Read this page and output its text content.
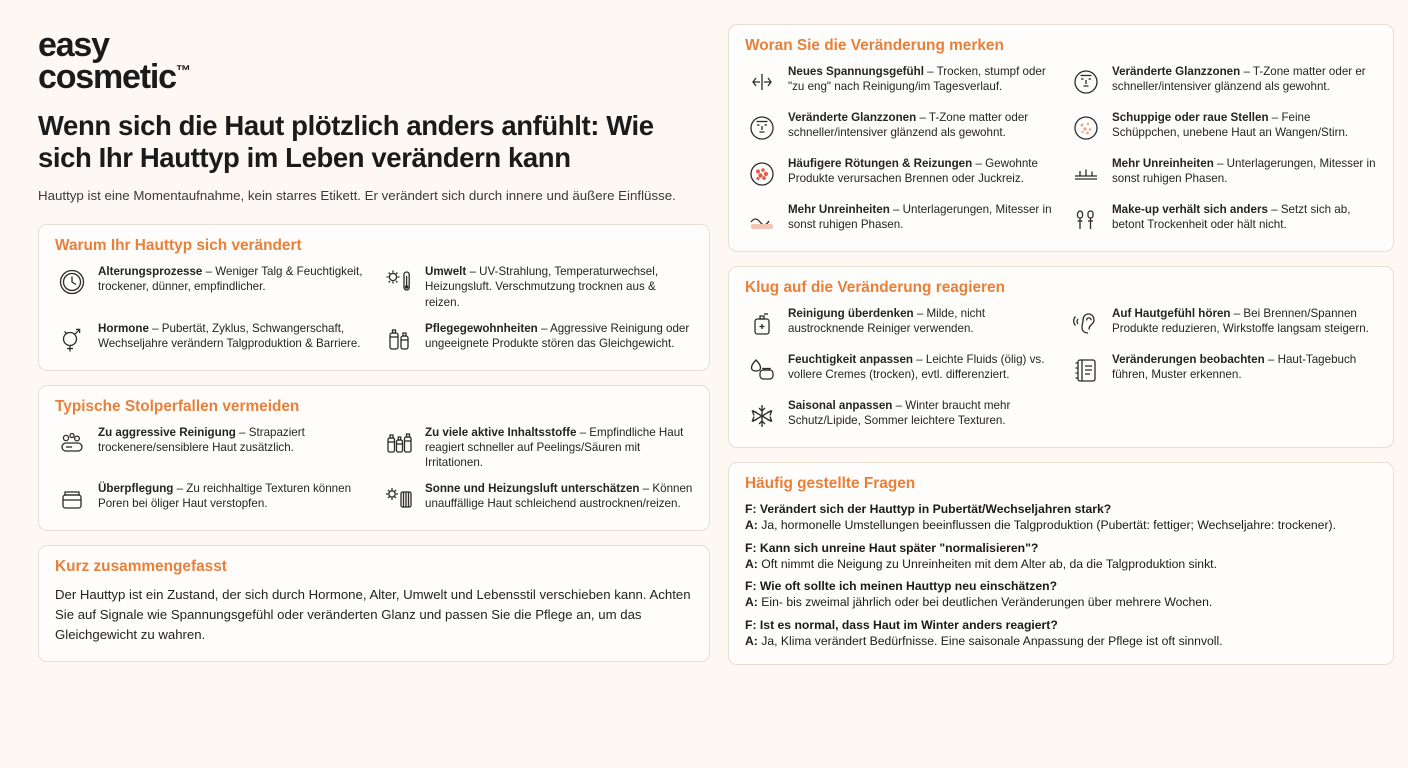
easy
cosmetic™
Wenn sich die Haut plötzlich anders anfühlt: Wie sich Ihr Hauttyp im Leben verändern kann

Hauttyp ist eine Momentaufnahme, kein starres Etikett. Er verändert sich durch innere und äußere Einflüsse.

Warum Ihr Hauttyp sich verändert
Alterungsprozesse – Weniger Talg & Feuchtigkeit, trockener, dünner, empfindlicher.
Umwelt – UV-Strahlung, Temperaturwechsel, Heizungsluft. Verschmutzung trocknen aus & reizen.
Hormone – Pubertät, Zyklus, Schwangerschaft, Wechseljahre verändern Talgproduktion & Barriere.
Pflegegewohnheiten – Aggressive Reinigung oder ungeeignete Produkte stören das Gleichgewicht.
Typische Stolperfallen vermeiden
Zu aggressive Reinigung – Strapaziert trockenere/sensiblere Haut zusätzlich.
Zu viele aktive Inhaltsstoffe – Empfindliche Haut reagiert schneller auf Peelings/Säuren mit Irritationen.
Überpflegung – Zu reichhaltige Texturen können Poren bei öliger Haut verstopfen.
Sonne und Heizungsluft unterschätzen – Können unauffällige Haut schleichend austrocknen/reizen.
Kurz zusammengefasst

Der Hauttyp ist ein Zustand, der sich durch Hormone, Alter, Umwelt und Lebensstil verschieben kann. Achten Sie auf Signale wie Spannungsgefühl oder veränderten Glanz und passen Sie die Pflege an, um das Gleichgewicht zu wahren.

Woran Sie die Veränderung merken
Neues Spannungsgefühl – Trocken, stumpf oder "zu eng" nach Reinigung/im Tagesverlauf.
Veränderte Glanzzonen – T-Zone matter oder er schneller/intensiver glänzend als gewohnt.
Veränderte Glanzzonen – T-Zone matter oder schneller/intensiver glänzend als gewohnt.
Schuppige oder raue Stellen – Feine Schüppchen, unebene Haut an Wangen/Stirn.
Häufigere Rötungen & Reizungen – Gewohnte Produkte verursachen Brennen oder Juckreiz.
Mehr Unreinheiten – Unterlagerungen, Mitesser in sonst ruhigen Phasen.
Mehr Unreinheiten – Unterlagerungen, Mitesser in sonst ruhigen Phasen.
Make-up verhält sich anders – Setzt sich ab, betont Trockenheit oder hält nicht.
Klug auf die Veränderung reagieren
Reinigung überdenken – Milde, nicht austrocknende Reiniger verwenden.
Auf Hautgefühl hören – Bei Brennen/Spannen Produkte reduzieren, Wirkstoffe langsam steigern.
Feuchtigkeit anpassen – Leichte Fluids (ölig) vs. vollere Cremes (trocken), evtl. differenziert.
Veränderungen beobachten – Haut-Tagebuch führen, Muster erkennen.
Saisonal anpassen – Winter braucht mehr Schutz/Lipide, Sommer leichtere Texturen.
Häufig gestellte Fragen
F: Verändert sich der Hauttyp in Pubertät/Wechseljahren stark?
A: Ja, hormonelle Umstellungen beeinflussen die Talgproduktion (Pubertät: fettiger; Wechseljahre: trockener).
F: Kann sich unreine Haut später "normalisieren"?
A: Oft nimmt die Neigung zu Unreinheiten mit dem Alter ab, da die Talgproduktion sinkt.
F: Wie oft sollte ich meinen Hauttyp neu einschätzen?
A: Ein- bis zweimal jährlich oder bei deutlichen Veränderungen über mehrere Wochen.
F: Ist es normal, dass Haut im Winter anders reagiert?
A: Ja, Klima verändert Bedürfnisse. Eine saisonale Anpassung der Pflege ist oft sinnvoll.
